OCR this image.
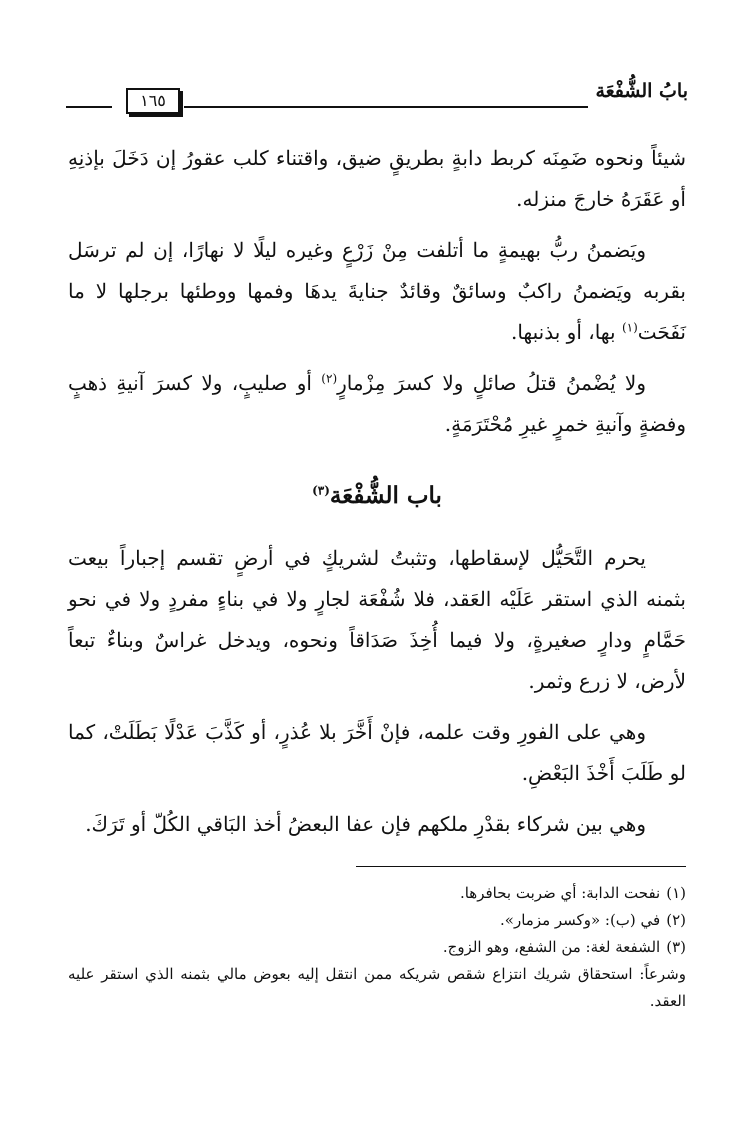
بابُ الشُّفْعَة
١٦٥

شيئاً ونحوه ضَمِنَه كربط دابةٍ بطريقٍ ضيق، واقتناء كلب عقورُ إن دَخَلَ بإذنِهِ أو عَقَرَهُ خارجَ منزله.

ويَضمنُ ربُّ بهيمةٍ ما أتلفت مِنْ زَرْعٍ وغيره ليلًا لا نهارًا، إن لم ترسَل بقربه ويَضمنُ راكبٌ وسائقٌ وقائدٌ جنايةَ يدهَا وفمها ووطئها برجلها لا ما نَفَحَت$^{(١)}$ بها، أو بذنبها.

ولا يُضْمنُ قتلُ صائلٍ ولا كسرَ مِزْمارٍ$^{(٢)}$ أو صليبٍ، ولا كسرَ آنيةِ ذهبٍ وفضةٍ وآنيةِ خمرٍ غيرِ مُحْتَرَمَةٍ.

باب الشُّفْعَة$^{(٣)}$

يحرم التَّحَيُّل لإسقاطها، وتثبتُ لشريكٍ في أرضٍ تقسم إجباراً بيعت بثمنه الذي استقر عَلَيْه العَقد، فلا شُفْعَة لجارٍ ولا في بناءٍ مفردٍ ولا في نحو حَمَّامٍ ودارٍ صغيرةٍ، ولا فيما أُخِذَ صَدَاقاً ونحوه، ويدخل غراسٌ وبناءٌ تبعاً لأرض، لا زرع وثمر.

وهي على الفورِ وقت علمه، فإنْ أَخَّرَ بلا عُذرٍ، أو كَذَّبَ عَدْلًا بَطَلَتْ، كما لو طَلَبَ أَخْذَ البَعْضِ.

وهي بين شركاء بقدْرِ ملكهم فإن عفا البعضُ أخذ البَاقي الكُلّ أو تَرَكَ.

(١)نفحت الدابة: أي ضربت بحافرها.

(٢)في (ب): «وكسر مزمار».

(٣)الشفعة لغة: من الشفع، وهو الزوج.

وشرعاً: استحقاق شريك انتزاع شقص شريكه ممن انتقل إليه بعوض مالي بثمنه الذي استقر عليه العقد.
